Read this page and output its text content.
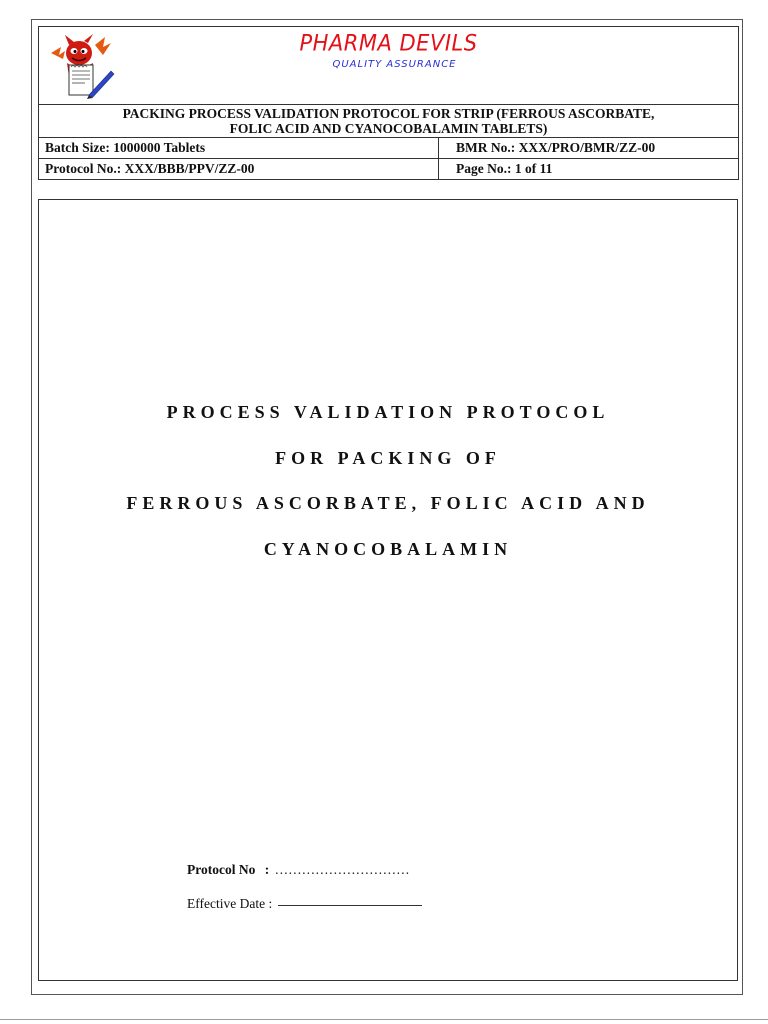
PHARMA DEVILS
QUALITY ASSURANCE	

PACKING PROCESS VALIDATION PROTOCOL FOR STRIP (FERROUS ASCORBATE,
FOLIC ACID AND CYANOCOBALAMIN TABLETS)	

Batch Size: 1000000 Tablets	BMR No.: XXX/PRO/BMR/ZZ-00
Protocol No.: XXX/BBB/PPV/ZZ-00	Page No.: 1 of 11
PROCESS VALIDATION PROTOCOL
FOR PACKING OF
FERROUS ASCORBATE, FOLIC ACID AND
CYANOCOBALAMIN
Protocol No : …………………………
Effective Date :
